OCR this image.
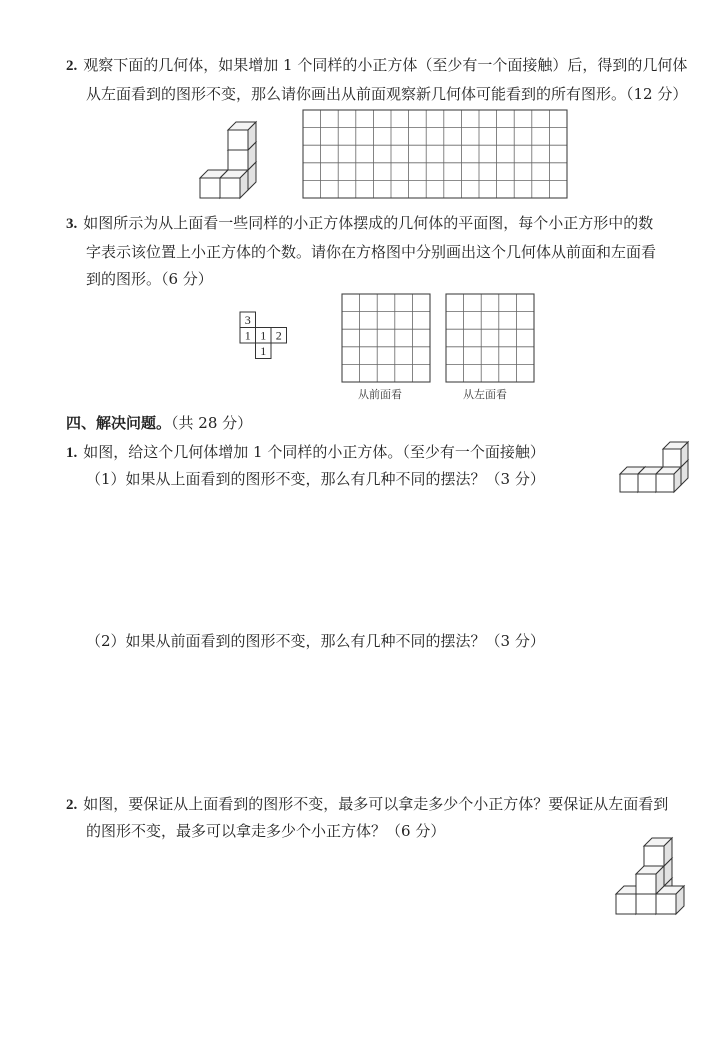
2. 观察下面的几何体，如果增加 1 个同样的小正方体（至少有一个面接触）后，得到的几何体

从左面看到的图形不变，那么请你画出从前面观察新几何体可能看到的所有图形。（12 分）

3. 如图所示为从上面看一些同样的小正方体摆成的几何体的平面图，每个小正方形中的数

字表示该位置上小正方体的个数。请你在方格图中分别画出这个几何体从前面和左面看

到的图形。（6 分）

3
1 1 2
1
从前面看	从左面看

四、解决问题。（共 28 分）

1. 如图，给这个几何体增加 1 个同样的小正方体。（至少有一个面接触）

（1）如果从上面看到的图形不变，那么有几种不同的摆法？（3 分）

（2）如果从前面看到的图形不变，那么有几种不同的摆法？（3 分）

2. 如图，要保证从上面看到的图形不变，最多可以拿走多少个小正方体？要保证从左面看到

的图形不变，最多可以拿走多少个小正方体？（6 分）
